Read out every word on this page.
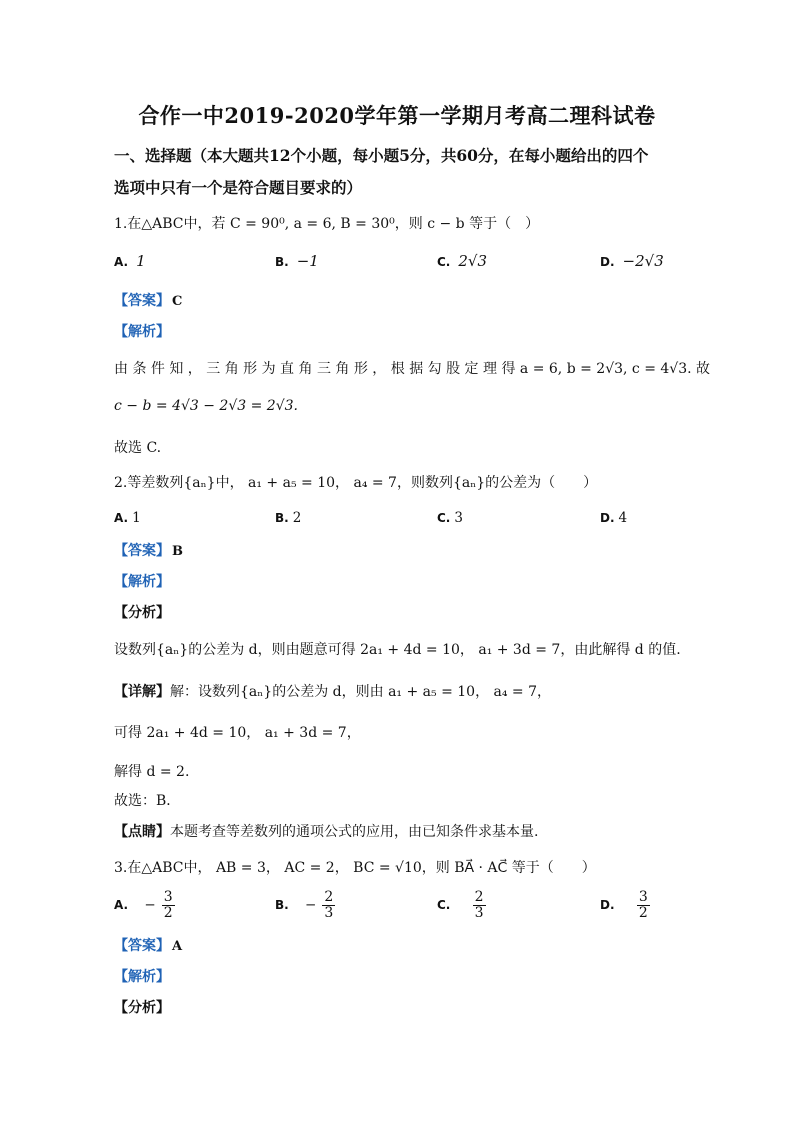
合作一中2019-2020学年第一学期月考高二理科试卷
一、选择题（本大题共12个小题，每小题5分，共60分，在每小题给出的四个
选项中只有一个是符合题目要求的）
1.在△ABC中，若 C = 90⁰, a = 6, B = 30⁰，则 c − b 等于（　）
A. 1	B. −1	C. 2√3	D. −2√3
【答案】 C
【解析】
由 条 件 知 ， 三 角 形 为 直 角 三 角 形 ， 根 据 勾 股 定 理 得 a = 6, b = 2√3, c = 4√3. 故
c − b = 4√3 − 2√3 = 2√3.
故选 C.
2.等差数列{aₙ}中， a₁ + a₅ = 10， a₄ = 7，则数列{aₙ}的公差为（　　）
A. 1	B. 2	C. 3	D. 4
【答案】 B
【解析】
【分析】
设数列{aₙ}的公差为 d，则由题意可得 2a₁ + 4d = 10， a₁ + 3d = 7，由此解得 d 的值.
【详解】解：设数列{aₙ}的公差为 d，则由 a₁ + a₅ = 10， a₄ = 7，
可得 2a₁ + 4d = 10， a₁ + 3d = 7，
解得 d = 2.
故选：B．
【点睛】本题考查等差数列的通项公式的应用，由已知条件求基本量.
3.在△ABC中， AB = 3， AC = 2， BC = √10，则 BA⃗ · AC⃗ 等于（　　）
A. − $\frac{3}{2}$	B. − $\frac{2}{3}$	C. $\frac{2}{3}$	D. $\frac{3}{2}$
【答案】 A
【解析】
【分析】
